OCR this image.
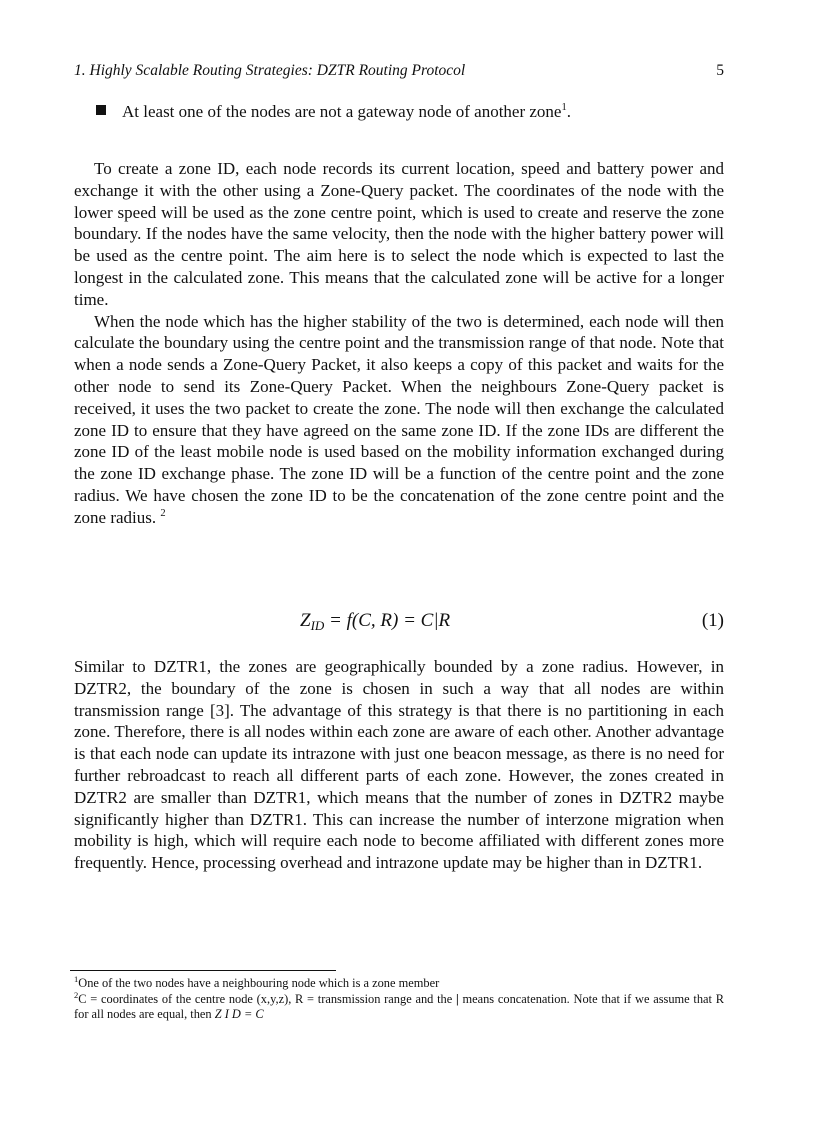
1. Highly Scalable Routing Strategies: DZTR Routing Protocol	5
At least one of the nodes are not a gateway node of another zone$^1$.

To create a zone ID, each node records its current location, speed and battery power and exchange it with the other using a Zone-Query packet. The coordinates of the node with the lower speed will be used as the zone centre point, which is used to create and reserve the zone boundary. If the nodes have the same velocity, then the node with the higher battery power will be used as the centre point. The aim here is to select the node which is expected to last the longest in the calculated zone. This means that the calculated zone will be active for a longer time.

When the node which has the higher stability of the two is determined, each node will then calculate the boundary using the centre point and the transmission range of that node. Note that when a node sends a Zone-Query Packet, it also keeps a copy of this packet and waits for the other node to send its Zone-Query Packet. When the neighbours Zone-Query packet is received, it uses the two packet to create the zone. The node will then exchange the calculated zone ID to ensure that they have agreed on the same zone ID. If the zone IDs are different the zone ID of the least mobile node is used based on the mobility information exchanged during the zone ID exchange phase. The zone ID will be a function of the centre point and the zone radius. We have chosen the zone ID to be the concatenation of the zone centre point and the zone radius. $^2$

$Z_{ID} = f(C$, R) = C|R	(1)

Similar to DZTR1, the zones are geographically bounded by a zone radius. However, in DZTR2, the boundary of the zone is chosen in such a way that all nodes are within transmission range [3]. The advantage of this strategy is that there is no partitioning in each zone. Therefore, there is all nodes within each zone are aware of each other. Another advantage is that each node can update its intrazone with just one beacon message, as there is no need for further rebroadcast to reach all different parts of each zone. However, the zones created in DZTR2 are smaller than DZTR1, which means that the number of zones in DZTR2 maybe significantly higher than DZTR1. This can increase the number of interzone migration when mobility is high, which will require each node to become affiliated with different zones more frequently. Hence, processing overhead and intrazone update may be higher than in DZTR1.

$^1$One of the two nodes have a neighbouring node which is a zone member

$^2$C = coordinates of the centre node (x,y,z), R = transmission range and the | means concatenation. Note that if we assume that R for all nodes are equal, then Z I D = C
